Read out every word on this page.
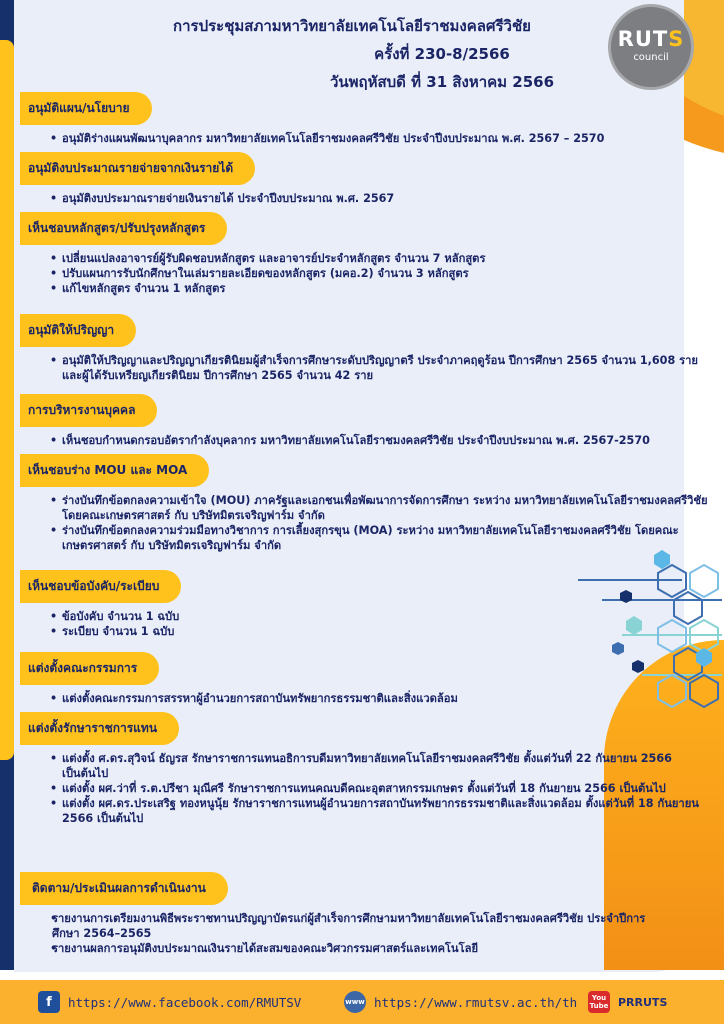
การประชุมสภามหาวิทยาลัยเทคโนโลยีราชมงคลศรีวิชัย
ครั้งที่ 230-8/2566
วันพฤหัสบดี ที่ 31 สิงหาคม 2566
RUTS
council
อนุมัติแผน/นโยบาย
• อนุมัติร่างแผนพัฒนาบุคลากร มหาวิทยาลัยเทคโนโลยีราชมงคลศรีวิชัย ประจำปีงบประมาณ พ.ศ. 2567 – 2570
อนุมัติงบประมาณรายจ่ายจากเงินรายได้
• อนุมัติงบประมาณรายจ่ายเงินรายได้ ประจำปีงบประมาณ พ.ศ. 2567
เห็นชอบหลักสูตร/ปรับปรุงหลักสูตร
• เปลี่ยนแปลงอาจารย์ผู้รับผิดชอบหลักสูตร และอาจารย์ประจำหลักสูตร จำนวน 7 หลักสูตร
• ปรับแผนการรับนักศึกษาในเล่มรายละเอียดของหลักสูตร (มคอ.2) จำนวน 3 หลักสูตร
• แก้ไขหลักสูตร จำนวน 1 หลักสูตร
อนุมัติให้ปริญญา
• อนุมัติให้ปริญญาและปริญญาเกียรตินิยมผู้สำเร็จการศึกษาระดับปริญญาตรี ประจำภาคฤดูร้อน ปีการศึกษา 2565 จำนวน 1,608 ราย และผู้ได้รับเหรียญเกียรตินิยม ปีการศึกษา 2565 จำนวน 42 ราย
การบริหารงานบุคคล
• เห็นชอบกำหนดกรอบอัตรากำลังบุคลากร มหาวิทยาลัยเทคโนโลยีราชมงคลศรีวิชัย ประจำปีงบประมาณ พ.ศ. 2567-2570
เห็นชอบร่าง MOU และ MOA
• ร่างบันทึกข้อตกลงความเข้าใจ (MOU) ภาครัฐและเอกชนเพื่อพัฒนาการจัดการศึกษา ระหว่าง มหาวิทยาลัยเทคโนโลยีราชมงคลศรีวิชัย โดยคณะเกษตรศาสตร์ กับ บริษัทมิตรเจริญฟาร์ม จำกัด
• ร่างบันทึกข้อตกลงความร่วมมือทางวิชาการ การเลี้ยงสุกรขุน (MOA) ระหว่าง มหาวิทยาลัยเทคโนโลยีราชมงคลศรีวิชัย โดยคณะเกษตรศาสตร์ กับ บริษัทมิตรเจริญฟาร์ม จำกัด
เห็นชอบข้อบังคับ/ระเบียบ
• ข้อบังคับ จำนวน 1 ฉบับ
• ระเบียบ จำนวน 1 ฉบับ
แต่งตั้งคณะกรรมการ
• แต่งตั้งคณะกรรมการสรรหาผู้อำนวยการสถาบันทรัพยากรธรรมชาติและสิ่งแวดล้อม
แต่งตั้งรักษาราชการแทน
• แต่งตั้ง ศ.ดร.สุวิจน์ ธัญรส รักษาราชการแทนอธิการบดีมหาวิทยาลัยเทคโนโลยีราชมงคลศรีวิชัย ตั้งแต่วันที่ 22 กันยายน 2566 เป็นต้นไป
• แต่งตั้ง ผศ.ว่าที่ ร.ต.ปรีชา มุณีศรี รักษาราชการแทนคณบดีคณะอุตสาหกรรมเกษตร ตั้งแต่วันที่ 18 กันยายน 2566 เป็นต้นไป
• แต่งตั้ง ผศ.ดร.ประเสริฐ ทองหนูนุ้ย รักษาราชการแทนผู้อำนวยการสถาบันทรัพยากรธรรมชาติและสิ่งแวดล้อม ตั้งแต่วันที่ 18 กันยายน 2566 เป็นต้นไป
ติดตาม/ประเมินผลการดำเนินงาน
• รายงานการเตรียมงานพิธีพระราชทานปริญญาบัตรแก่ผู้สำเร็จการศึกษามหาวิทยาลัยเทคโนโลยีราชมงคลศรีวิชัย ประจำปีการศึกษา 2564–2565
• รายงานผลการอนุมัติงบประมาณเงินรายได้สะสมของคณะวิศวกรรมศาสตร์และเทคโนโลยี
f	https://www.facebook.com/RMUTSV	www https://www.rmutsv.ac.th/th You
Tube PRRUTS
